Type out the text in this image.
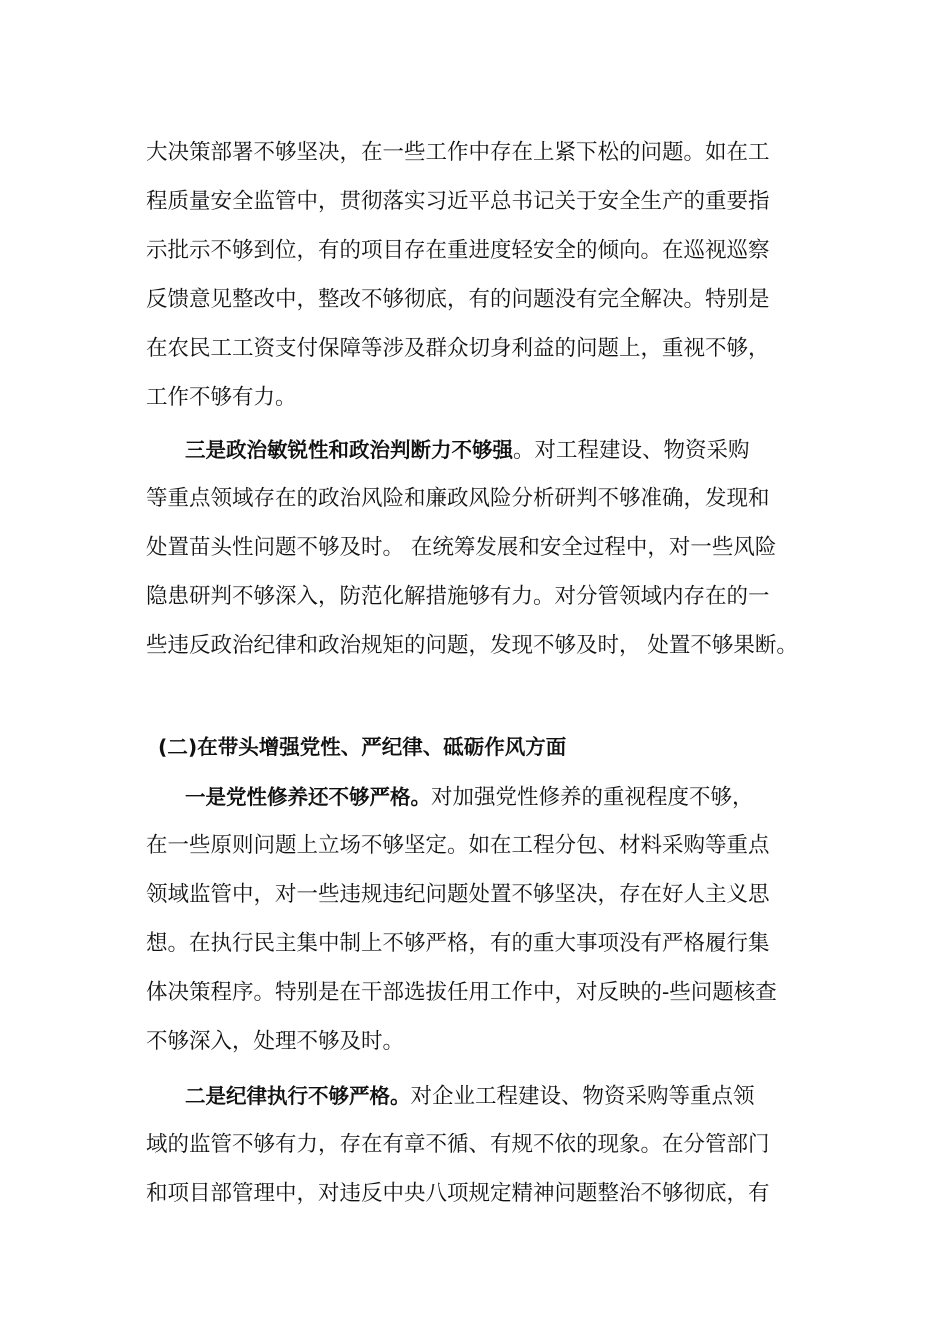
大决策部署不够坚决，在一些工作中存在上紧下松的问题。如在工
程质量安全监管中，贯彻落实习近平总书记关于安全生产的重要指
示批示不够到位，有的项目存在重进度轻安全的倾向。在巡视巡察
反馈意见整改中，整改不够彻底，有的问题没有完全解决。特别是
在农民工工资支付保障等涉及群众切身利益的问题上，重视不够，
工作不够有力。
三是政治敏锐性和政治判断力不够强。对工程建设、物资采购
等重点领域存在的政治风险和廉政风险分析研判不够准确，发现和
处置苗头性问题不够及时。 在统筹发展和安全过程中，对一些风险
隐患研判不够深入，防范化解措施够有力。对分管领域内存在的一
些违反政治纪律和政治规矩的问题，发现不够及时， 处置不够果断。
(二)在带头增强党性、严纪律、砥砺作风方面
一是党性修养还不够严格。对加强党性修养的重视程度不够，
在一些原则问题上立场不够坚定。如在工程分包、材料采购等重点
领域监管中，对一些违规违纪问题处置不够坚决，存在好人主义思
想。在执行民主集中制上不够严格，有的重大事项没有严格履行集
体决策程序。特别是在干部选拔任用工作中，对反映的-些问题核查
不够深入，处理不够及时。
二是纪律执行不够严格。对企业工程建设、物资采购等重点领
域的监管不够有力，存在有章不循、有规不依的现象。在分管部门
和项目部管理中，对违反中央八项规定精神问题整治不够彻底，有
